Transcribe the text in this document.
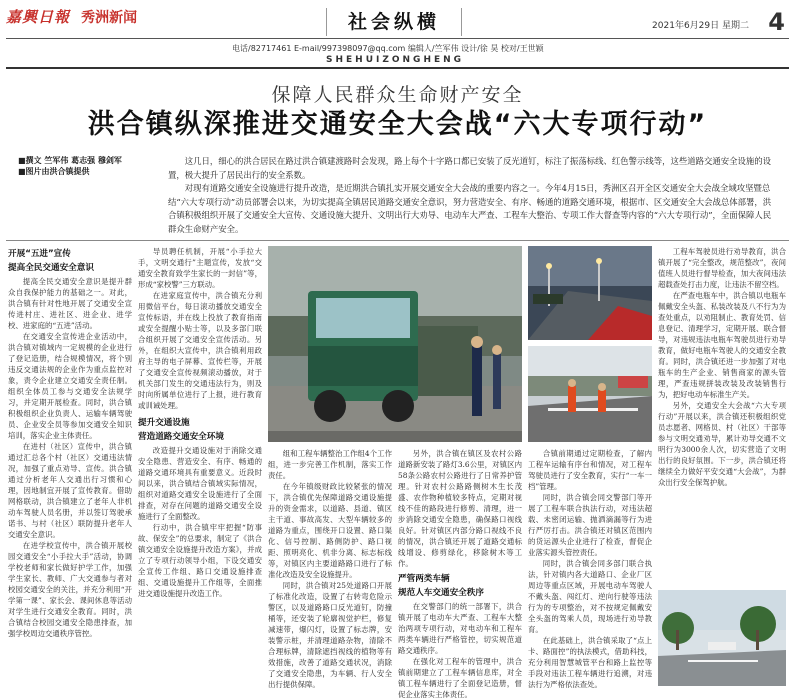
嘉興日報 秀洲新闻	社会纵横
SHEHUIZONGHENG
2021年6月29日 星期二 4
电话/82717461 E-mail/997398097@qq.com 编辑人/竺军伟 设计/徐 昊 校对/王世颖
保障人民群众生命财产安全
洪合镇纵深推进交通安全大会战“六大专项行动”
■撰文 竺军伟 葛志强 穆剑军
■图片由洪合镇提供
这几日，细心的洪合居民在路过洪合镇建渡路时会发现，路上每个十字路口都已安装了反光道钉，标注了振荡标线、红色警示线等，这些道路交通安全设施的设置，极大提升了居民出行的安全系数。
对现有道路交通安全设施进行提升改造，是近期洪合镇扎实开展交通安全大会战的重要内容之一。今年4月15日，秀洲区召开全区交通安全大会战全域攻坚暨总结“六大专项行动”动员部署会以来，为切实提高全镇居民道路交通安全意识，努力营造安全、有序、畅通的道路交通环境，根据市、区交通安全大会战总体部署，洪合镇积极组织开展了交通安全大宣传、交通设施大提升、文明出行大劝导、电动车大严查、工程车大整治、专项工作大督查等内容的“六大专项行动”，全面保障人民群众生命财产安全。
开展“五进”宣传
提高全民交通安全意识

提高全民交通安全意识是提升群众自我保护能力的基础之一。对此，洪合镇有针对性地开展了交通安全宣传进村庄、进社区、进企业、进学校、进家庭的“五进”活动。

在交通安全宣传进企业活动中，洪合镇对镇域内一定规模的企业进行了登记造册，结合规模情况，将个别违反交通法规的企业作为重点监控对象，责令企业建立交通安全责任制。组织全体员工参与交通安全法规学习，并定期开展检查。同时，洪合镇积极组织企业负责人、运输车辆驾驶员、企业安全员等参加交通安全知识培训，落实企业主体责任。

在进村（社区）宣传中，洪合镇通过汇总各个村（社区）交通违法情况，加强了重点劝导、宣传。洪合镇通过分析老年人交通出行习惯和心理，因地制宜开展了宣传教育。借助网格联动，洪合镇建立了老年人非机动车驾驶人员名册，并以签订驾驶承诺书、与村（社区）联防提升老年人交通安全意识。

在进学校宣传中，洪合镇开展校园交通安全“小手拉大手”活动，协调学校老师和家长做好护学工作，加强学生家长、教师、广大交通参与者对校园交通安全的关注，并充分利用“开学第一课”、家长会、课间休息等活动对学生进行交通安全教育。同时，洪合镇结合校园交通安全隐患排查，加强学校周边交通秩序管控。

导员聘任机制，开展“小手拉大手，文明交通行”主题宣传，发放“交通安全教育致学生家长的一封信”等，形成“家校警”三方联动。

在进家庭宣传中，洪合镇充分利用微信平台，每日滚动播放交通安全宣传标语，并在线上投放了教育指南或安全提醒小贴士等，以及多部门联合组织开展了交通安全宣传活动。另外，在组织大宣传中，洪合镇利用政府主导的电子屏幕、宣传栏等，开展了交通安全宣传视频滚动播放，对于机关部门发生的交通违法行为，则及时向所属单位进行了上报，进行教育或训诫处理。

提升交通设施
营造道路交通安全环境

改造提升交通设施对于消除交通安全隐患、营造安全、有序、畅通的道路交通环境具有重要意义。近段时间以来，洪合镇结合镇域实际情况，组织对道路交通安全设施进行了全面排查，对存在问题的道路交通安全设施进行了全面整改。

行动中，洪合镇牢牢把握“防事故、保安全”的总要求，制定了《洪合镇交通安全设施提升改造方案》，并成立了专项行动领导小组，下设交通安全宣传工作组、路口交通设施排查组、交通设施提升工作组等，全面推进交通设施提升改造工作。

组和工程车辆整治工作组4个工作组，进一步完善工作机制，落实工作责任。

在今年镇级财政比较紧张的情况下，洪合镇优先保障道路交通设施提升的资金需求，以道路、县道、镇区主干道、事故高发、大型车辆较多的道路为重点，围绕开口设置、路口渠化、信号控制、路侧防护、路口视距、照明亮化、机非分离、标志标线等，对镇区内主要道路路口进行了标准化改造及安全设施提升。

同时，洪合镇对25处道路口开展了标准化改造，设置了右转弯危险示警区，以及道路路口反光道钉，防撞桶等，还安装了轮廓视觉护栏，修复减速带，爆闪灯，设置了标志牌，安装警示桩，并清理道路杂物，清除不合理标牌，清除遮挡视线的植物等有效措施，改善了道路交通状况，消除了交通安全隐患，为车辆、行人安全出行提供保障。

另外，洪合镇在镇区及农村公路道路新安装了路灯3.6公里，对镇区内58条公路农村公路进行了日常养护管理。针对农村公路路侧树木生长茂盛、农作物种植较多特点，定期对视线不佳的路段进行修剪、清理，进一步消除交通安全隐患，确保路口视线良好。针对镇区内部分路口视线不良的情况，洪合镇还开展了道路交通标线增设、修剪绿化，移除树木等工作。

严管两类车辆
规范人车交通安全秩序

在交警部门的统一部署下，洪合镇开展了电动车大严查、工程车大整治两项专项行动，对电动车和工程车两类车辆进行严格管控，切实规范道路交通秩序。

在强化对工程车的管理中，洪合镇前期建立了工程车辆信息库，对全镇工程车辆进行了全面登记造册，督促企业落实主体责任。

合镇前期通过定期检查，了解内工程车运输有序台和情况，对工程车驾驶员进行了安全教育，实行“一车一档”管理。

同时，洪合镇会同交警部门等开展了工程车联合执法行动，对违法超载、未密闭运输、抛洒滴漏等行为进行严厉打击。洪合镇还对镇区范围内的货运源头企业进行了检查，督促企业落实源头管控责任。

同时，洪合镇会同多部门联合执法，针对镇内各大道路口、企业厂区周边等重点区域，开展电动车驾驶人不戴头盔、闯红灯、逆向行驶等违法行为的专项整治，对不按规定佩戴安全头盔的驾乘人员，现场进行劝导教育。

在此基础上，洪合镇采取了“点上卡、路面控”的执法模式，借助科技，充分利用智慧城管平台和路上监控等手段对违法工程车辆进行追溯，对违法行为严格依法查处。

工程车驾驶员进行劝导教育，洪合镇开展了“完全整改，规范整改”，夜间值班人员进行督导检查，加大夜间违法超载查处打击力度，让违法不留空档。

在严查电瓶车中，洪合镇以电瓶车佩戴安全头盔、私装改装及八不行为为查处重点，以劝阻制止、教育处罚、信息登记、清理学习，定期开展、联合督导，对违规违法电瓶车驾驶员进行劝导教育，做好电瓶车驾驶人的交通安全教育。同时，洪合镇还进一步加强了对电瓶车的生产企业、销售商家的源头管理，严查违规拼装改装及改装销售行为，把好电动车标准生产关。

另外，交通安全大会战“六大专项行动”开展以来，洪合镇还积极组织党员志愿者、网格员、村（社区）干部等参与文明交通劝导，累计劝导交通不文明行为3000余人次，切实营造了文明出行的良好氛围。下一步，洪合镇还将继续全力做好平安交通“大会战”，为群众出行安全保驾护航。
